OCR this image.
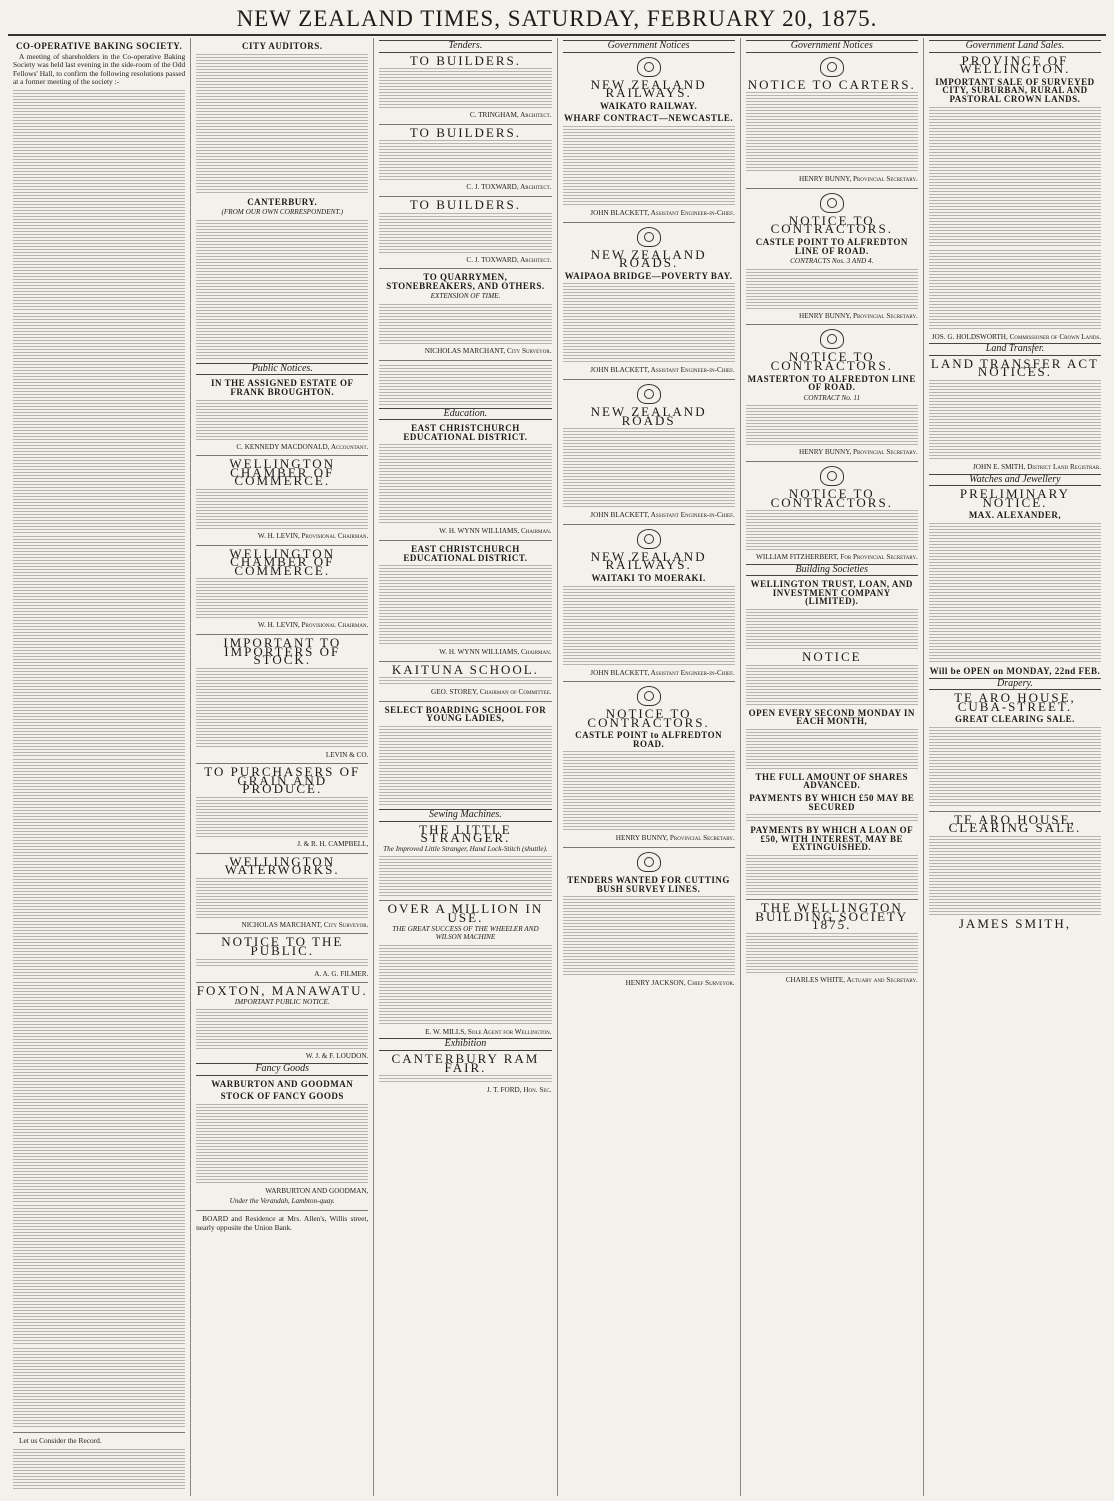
NEW ZEALAND TIMES, SATURDAY, FEBRUARY 20, 1875.
CO-OPERATIVE BAKING SOCIETY.
A meeting of shareholders in the Co-operative Baking Society was held last evening in the side-room of the Odd Fellows' Hall, to confirm the following resolutions passed at a former meeting of the society :-
Let us Consider the Record.
CITY AUDITORS.
CANTERBURY.
(FROM OUR OWN CORRESPONDENT.)
Public Notices.
IN THE ASSIGNED ESTATE OF FRANK BROUGHTON.
C. KENNEDY MACDONALD, Accountant.
WELLINGTON CHAMBER OF COMMERCE.
W. H. LEVIN, Provisional Chairman.
WELLINGTON CHAMBER OF COMMERCE.
W. H. LEVIN, Provisional Chairman.
IMPORTANT TO IMPORTERS OF STOCK.
LEVIN & CO.
TO PURCHASERS OF GRAIN AND PRODUCE.
J. & R. H. CAMPBELL,
WELLINGTON WATERWORKS.
NICHOLAS MARCHANT, City Surveyor.
NOTICE TO THE PUBLIC.
A. A. G. FILMER.
FOXTON, MANAWATU.
IMPORTANT PUBLIC NOTICE.
W. J. & F. LOUDON.
Fancy Goods
WARBURTON AND GOODMAN
STOCK OF FANCY GOODS
WARBURTON AND GOODMAN,
Under the Verandah, Lambton-quay.
BOARD and Residence at Mrs. Allen's, Willis street, nearly opposite the Union Bank.
Tenders.
TO BUILDERS.
C. TRINGHAM, Architect.
TO BUILDERS.
C. J. TOXWARD, Architect.
TO BUILDERS.
C. J. TOXWARD, Architect.
TO QUARRYMEN, STONEBREAKERS, AND OTHERS.
EXTENSION OF TIME.
NICHOLAS MARCHANT, City Surveyor.
Education.
EAST CHRISTCHURCH EDUCATIONAL DISTRICT.
W. H. WYNN WILLIAMS, Chairman.
EAST CHRISTCHURCH EDUCATIONAL DISTRICT.
W. H. WYNN WILLIAMS, Chairman.
KAITUNA SCHOOL.
GEO. STOREY, Chairman of Committee.
SELECT BOARDING SCHOOL FOR YOUNG LADIES,
Sewing Machines.
THE LITTLE STRANGER.
The Improved Little Stranger, Hand Lock-Stitch (shuttle).
OVER A MILLION IN USE.
THE GREAT SUCCESS OF THE WHEELER AND WILSON MACHINE
E. W. MILLS, Sole Agent for Wellington.
Exhibition
CANTERBURY RAM FAIR.
J. T. FORD, Hon. Sec.
Government Notices
NEW ZEALAND RAILWAYS.
WAIKATO RAILWAY.
WHARF CONTRACT—NEWCASTLE.
JOHN BLACKETT, Assistant Engineer-in-Chief.
NEW ZEALAND ROADS.
WAIPAOA BRIDGE—POVERTY BAY.
JOHN BLACKETT, Assistant Engineer-in-Chief.
NEW ZEALAND ROADS
JOHN BLACKETT, Assistant Engineer-in-Chief.
NEW ZEALAND RAILWAYS.
WAITAKI TO MOERAKI.
JOHN BLACKETT, Assistant Engineer-in-Chief.
NOTICE TO CONTRACTORS.
CASTLE POINT to ALFREDTON ROAD.
HENRY BUNNY, Provincial Secretary.
TENDERS WANTED FOR CUTTING BUSH SURVEY LINES.
HENRY JACKSON, Chief Surveyor.
Government Notices
NOTICE TO CARTERS.
HENRY BUNNY, Provincial Secretary.
NOTICE TO CONTRACTORS.
CASTLE POINT TO ALFREDTON LINE OF ROAD.
CONTRACTS Nos. 3 AND 4.
HENRY BUNNY, Provincial Secretary.
NOTICE TO CONTRACTORS.
MASTERTON TO ALFREDTON LINE OF ROAD.
CONTRACT No. 11
HENRY BUNNY, Provincial Secretary.
NOTICE TO CONTRACTORS.
WILLIAM FITZHERBERT, For Provincial Secretary.
Building Societies
WELLINGTON TRUST, LOAN, AND INVESTMENT COMPANY (LIMITED).
NOTICE
OPEN EVERY SECOND MONDAY IN EACH MONTH,
THE FULL AMOUNT OF SHARES ADVANCED.
PAYMENTS BY WHICH £50 MAY BE SECURED
PAYMENTS BY WHICH A LOAN OF £50, WITH INTEREST, MAY BE EXTINGUISHED.
THE WELLINGTON BUILDING SOCIETY 1875.
CHARLES WHITE, Actuary and Secretary.
Government Land Sales.
PROVINCE OF WELLINGTON.
IMPORTANT SALE OF SURVEYED CITY, SUBURBAN, RURAL AND PASTORAL CROWN LANDS.
JOS. G. HOLDSWORTH, Commissioner of Crown Lands.
Land Transfer.
LAND TRANSFER ACT NOTICES.
JOHN E. SMITH, District Land Registrar.
Watches and Jewellery
PRELIMINARY NOTICE.
MAX. ALEXANDER,
Will be OPEN on MONDAY, 22nd FEB.
Drapery.
TE ARO HOUSE, CUBA-STREET.
GREAT CLEARING SALE.
TE ARO HOUSE, CLEARING SALE.
JAMES SMITH,
